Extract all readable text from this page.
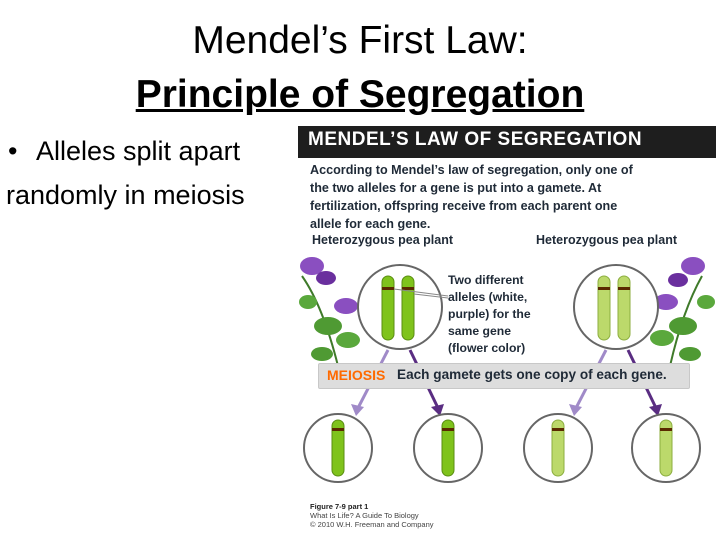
Mendel’s First Law:
Principle of Segregation
• Alleles split apart
randomly in meiosis
MENDEL’S LAW OF SEGREGATION
According to Mendel’s law of segregation, only one of
the two alleles for a gene is put into a gamete. At
fertilization, offspring receive from each parent one
allele for each gene.
Heterozygous pea plant	Heterozygous pea plant
Two different
alleles (white,
purple) for the
same gene
(flower color)
MEIOSIS Each gamete gets one copy of each gene.
Figure 7-9 part 1
What Is Life? A Guide To Biology
© 2010 W.H. Freeman and Company
